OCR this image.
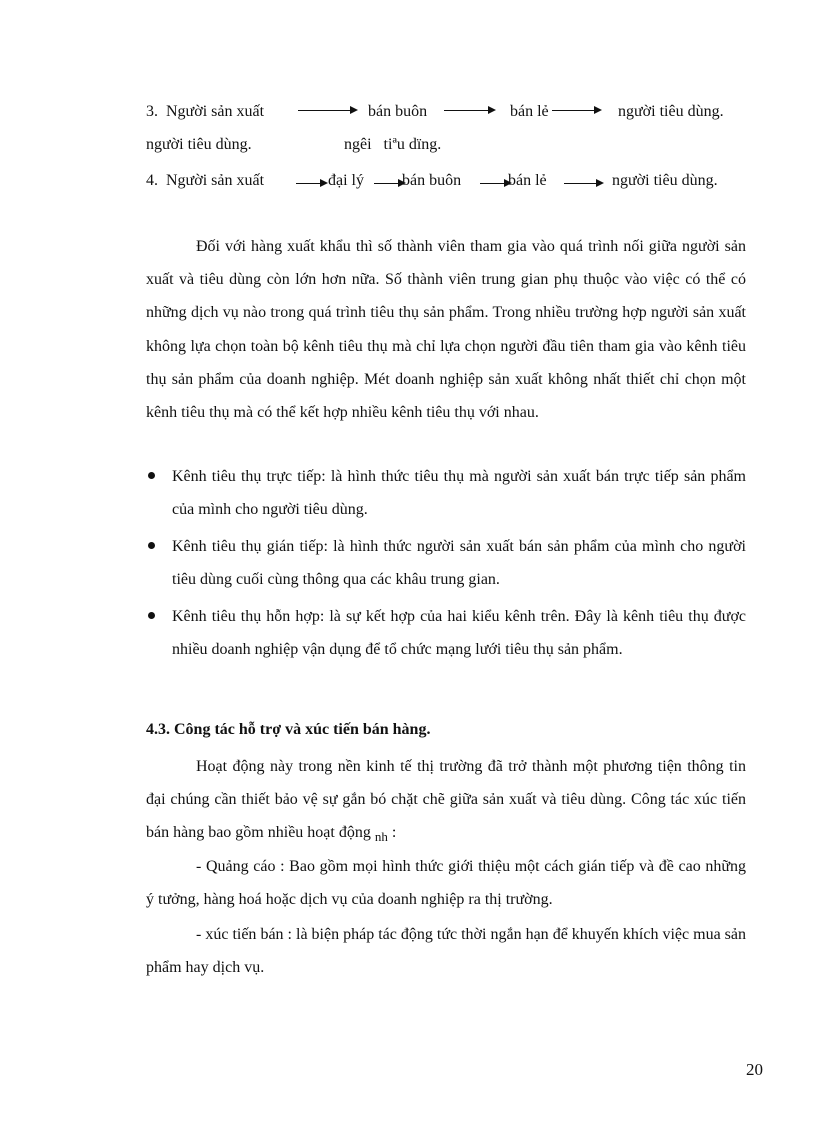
3. Người sản xuất	bán buôn	bán lẻ	người tiêu dùng.
người tiêu dùng.	ngêi   tiªu dïng.
4. Người sản xuất	đại lý bán buôn	bán lẻ	người tiêu dùng.

Đối với hàng xuất khẩu thì số thành viên tham gia vào quá trình nối giữa người sản xuất và tiêu dùng còn lớn hơn nữa. Số thành viên trung gian phụ thuộc vào việc có thể có những dịch vụ nào trong quá trình tiêu thụ sản phẩm. Trong nhiều trường hợp người sản xuất không lựa chọn toàn bộ kênh tiêu thụ mà chỉ lựa chọn người đầu tiên tham gia vào kênh tiêu thụ sản phẩm của doanh nghiệp. Mét doanh nghiệp sản xuất không nhất thiết chỉ chọn một kênh tiêu thụ mà có thể kết hợp nhiều kênh tiêu thụ với nhau.

Kênh tiêu thụ trực tiếp: là hình thức tiêu thụ mà người sản xuất bán trực tiếp sản phẩm của mình cho người tiêu dùng.
Kênh tiêu thụ gián tiếp: là hình thức người sản xuất bán sản phẩm của mình cho người tiêu dùng cuối cùng thông qua các khâu trung gian.
Kênh tiêu thụ hỗn hợp: là sự kết hợp của hai kiểu kênh trên. Đây là kênh tiêu thụ được nhiều doanh nghiệp vận dụng để tổ chức mạng lưới tiêu thụ sản phẩm.
4.3. Công tác hỗ trợ và xúc tiến bán hàng.

Hoạt động này trong nền kinh tế thị trường đã trở thành một phương tiện thông tin đại chúng cần thiết bảo vệ sự gắn bó chặt chẽ giữa sản xuất và tiêu dùng. Công tác xúc tiến bán hàng bao gồm nhiều hoạt động $_{nh}$ :

- Quảng cáo : Bao gồm mọi hình thức giới thiệu một cách gián tiếp và đề cao những ý tưởng, hàng hoá hoặc dịch vụ của doanh nghiệp ra thị trường.

- xúc tiến bán : là biện pháp tác động tức thời ngắn hạn để khuyến khích việc mua sản phẩm hay dịch vụ.

20
